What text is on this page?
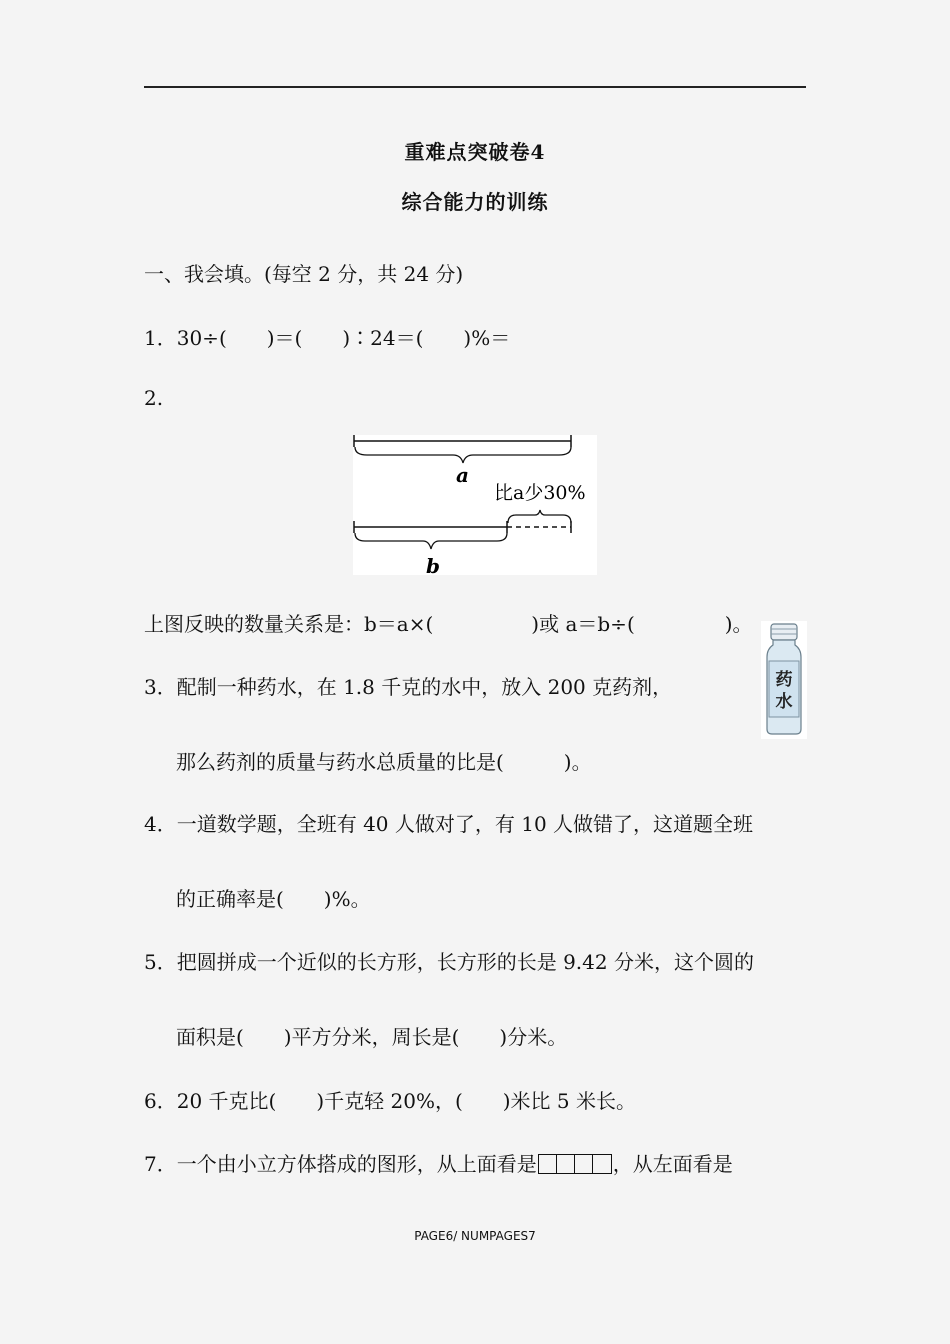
重难点突破卷4
综合能力的训练
一、我会填。(每空 2 分，共 24 分)
1．30÷(　　)＝(　　)∶24＝(　　)%＝
2.
a
比a少30%
b
上图反映的数量关系是：b＝a×(	)或 a＝b÷(	)。
药
水
3．配制一种药水，在 1.8 千克的水中，放入 200 克药剂，
那么药剂的质量与药水总质量的比是(　　　)。
4．一道数学题，全班有 40 人做对了，有 10 人做错了，这道题全班
的正确率是(　　)%。
5．把圆拼成一个近似的长方形，长方形的长是 9.42 分米，这个圆的
面积是(　　)平方分米，周长是(　　)分米。
6．20 千克比(　　)千克轻 20%，(　　)米比 5 米长。
7．一个由小立方体搭成的图形，从上面看是	，从左面看是
PAGE6/ NUMPAGES7
